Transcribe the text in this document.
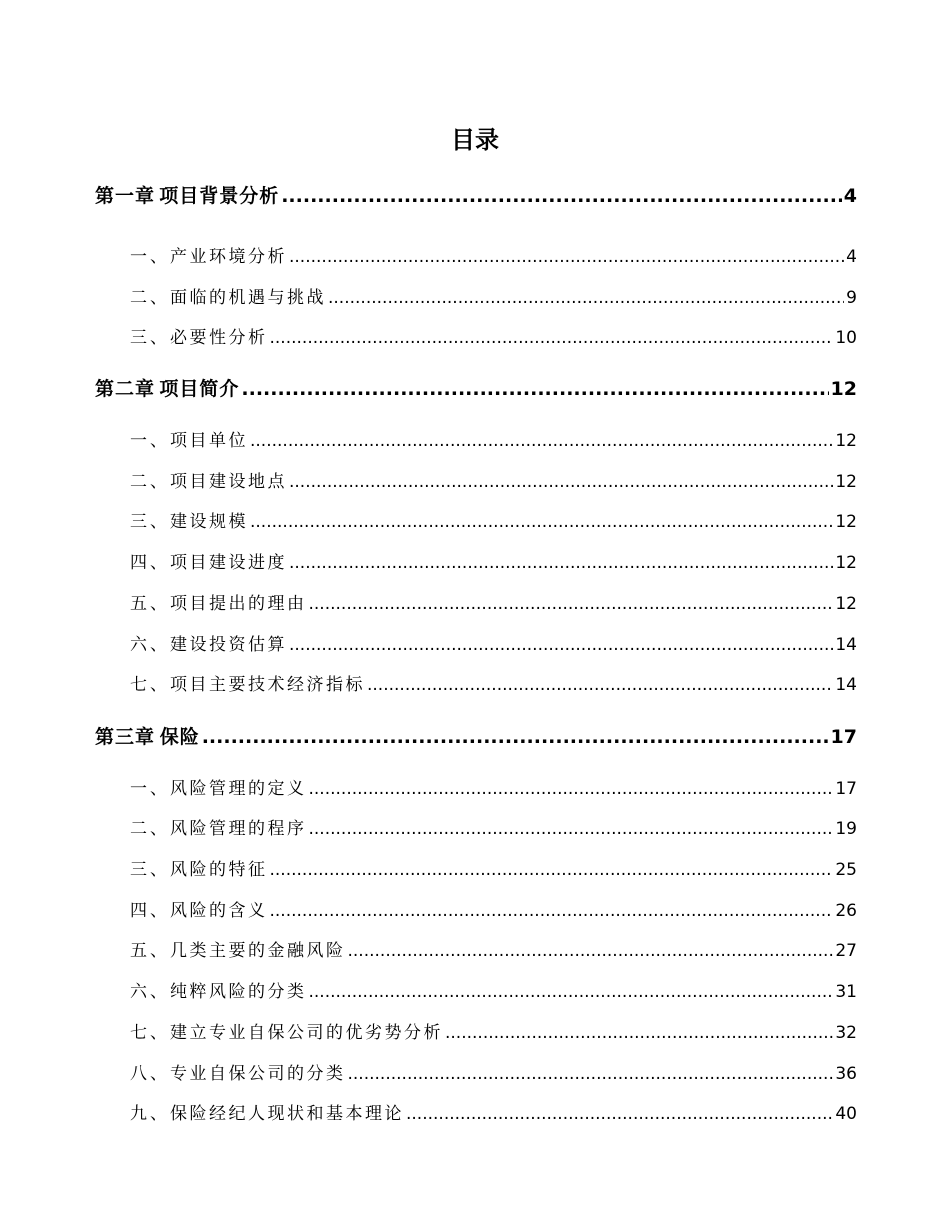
目录
第一章 项目背景分析 .....	4
一、 产业环境分析 .....	4
二、 面临的机遇与挑战 .....	9
三、 必要性分析 .....	10
第二章 项目简介 .....	12
一、 项目单位 .....	12
二、 项目建设地点 .....	12
三、 建设规模 .....	12
四、 项目建设进度 .....	12
五、 项目提出的理由 .....	12
六、 建设投资估算 .....	14
七、 项目主要技术经济指标 .....	14
第三章 保险 .....	17
一、 风险管理的定义 .....	17
二、 风险管理的程序 .....	19
三、 风险的特征 .....	25
四、 风险的含义 .....	26
五、 几类主要的金融风险 .....	27
六、 纯粹风险的分类 .....	31
七、 建立专业自保公司的优劣势分析 .....	32
八、 专业自保公司的分类 .....	36
九、 保险经纪人现状和基本理论 .....	40
